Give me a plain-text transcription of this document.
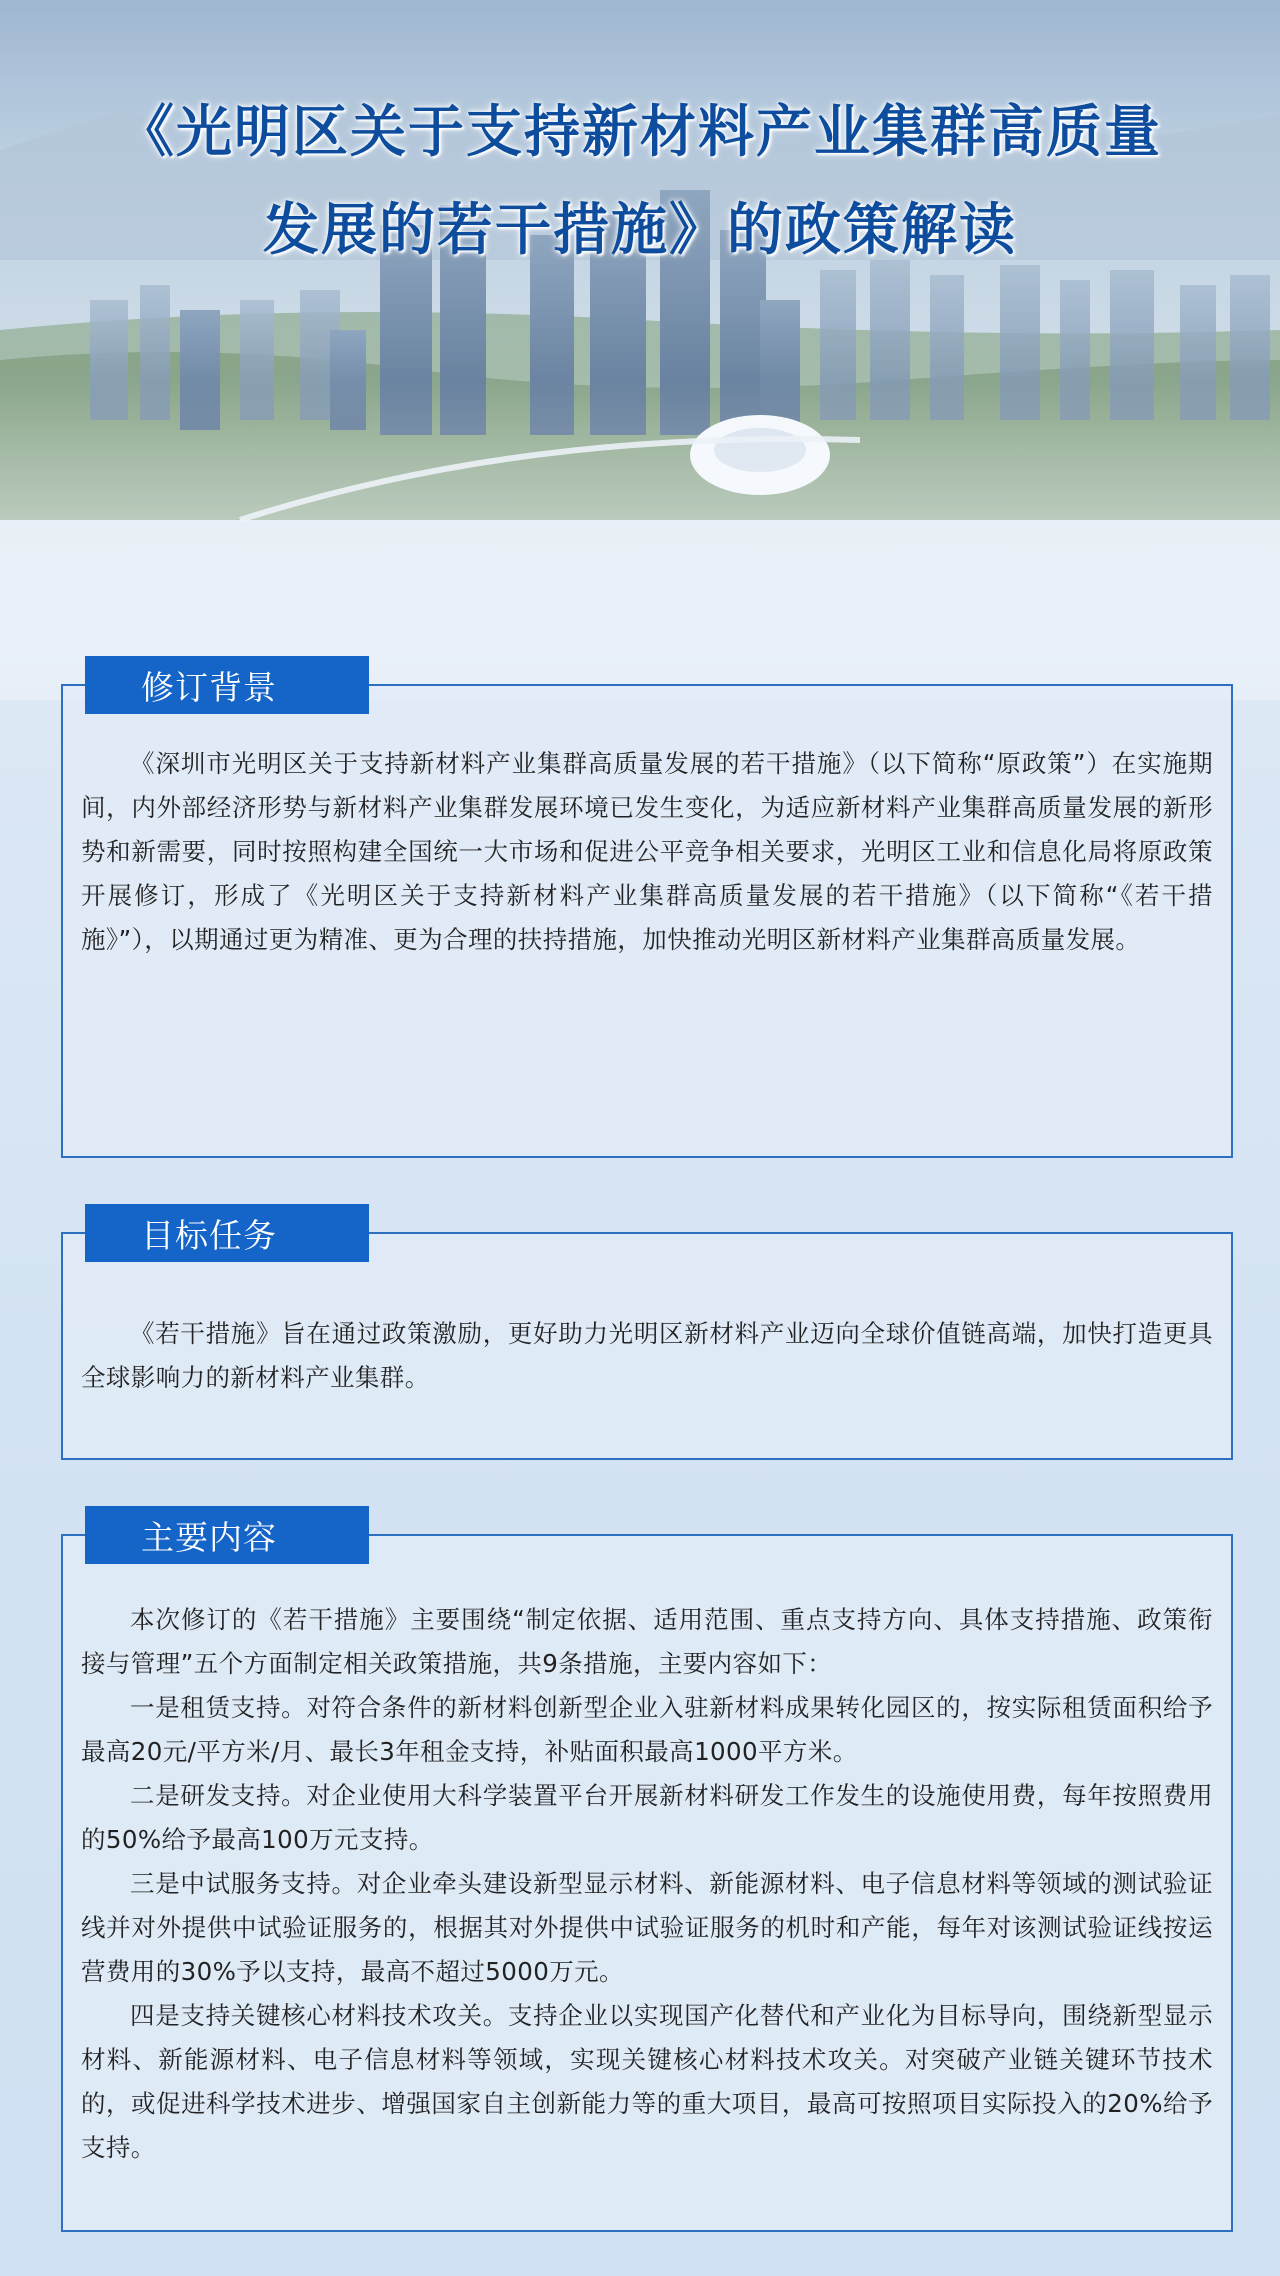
《光明区关于支持新材料产业集群高质量
发展的若干措施》的政策解读
修订背景

《深圳市光明区关于支持新材料产业集群高质量发展的若干措施》（以下简称“原政策”）在实施期间，内外部经济形势与新材料产业集群发展环境已发生变化，为适应新材料产业集群高质量发展的新形势和新需要，同时按照构建全国统一大市场和促进公平竞争相关要求，光明区工业和信息化局将原政策开展修订，形成了《光明区关于支持新材料产业集群高质量发展的若干措施》（以下简称“《若干措施》”），以期通过更为精准、更为合理的扶持措施，加快推动光明区新材料产业集群高质量发展。

目标任务

《若干措施》旨在通过政策激励，更好助力光明区新材料产业迈向全球价值链高端，加快打造更具全球影响力的新材料产业集群。

主要内容

本次修订的《若干措施》主要围绕“制定依据、适用范围、重点支持方向、具体支持措施、政策衔接与管理”五个方面制定相关政策措施，共9条措施，主要内容如下：

一是租赁支持。对符合条件的新材料创新型企业入驻新材料成果转化园区的，按实际租赁面积给予最高20元/平方米/月、最长3年租金支持，补贴面积最高1000平方米。

二是研发支持。对企业使用大科学装置平台开展新材料研发工作发生的设施使用费，每年按照费用的50%给予最高100万元支持。

三是中试服务支持。对企业牵头建设新型显示材料、新能源材料、电子信息材料等领域的测试验证线并对外提供中试验证服务的，根据其对外提供中试验证服务的机时和产能，每年对该测试验证线按运营费用的30%予以支持，最高不超过5000万元。

四是支持关键核心材料技术攻关。支持企业以实现国产化替代和产业化为目标导向，围绕新型显示材料、新能源材料、电子信息材料等领域，实现关键核心材料技术攻关。对突破产业链关键环节技术的，或促进科学技术进步、增强国家自主创新能力等的重大项目，最高可按照项目实际投入的20%给予支持。
